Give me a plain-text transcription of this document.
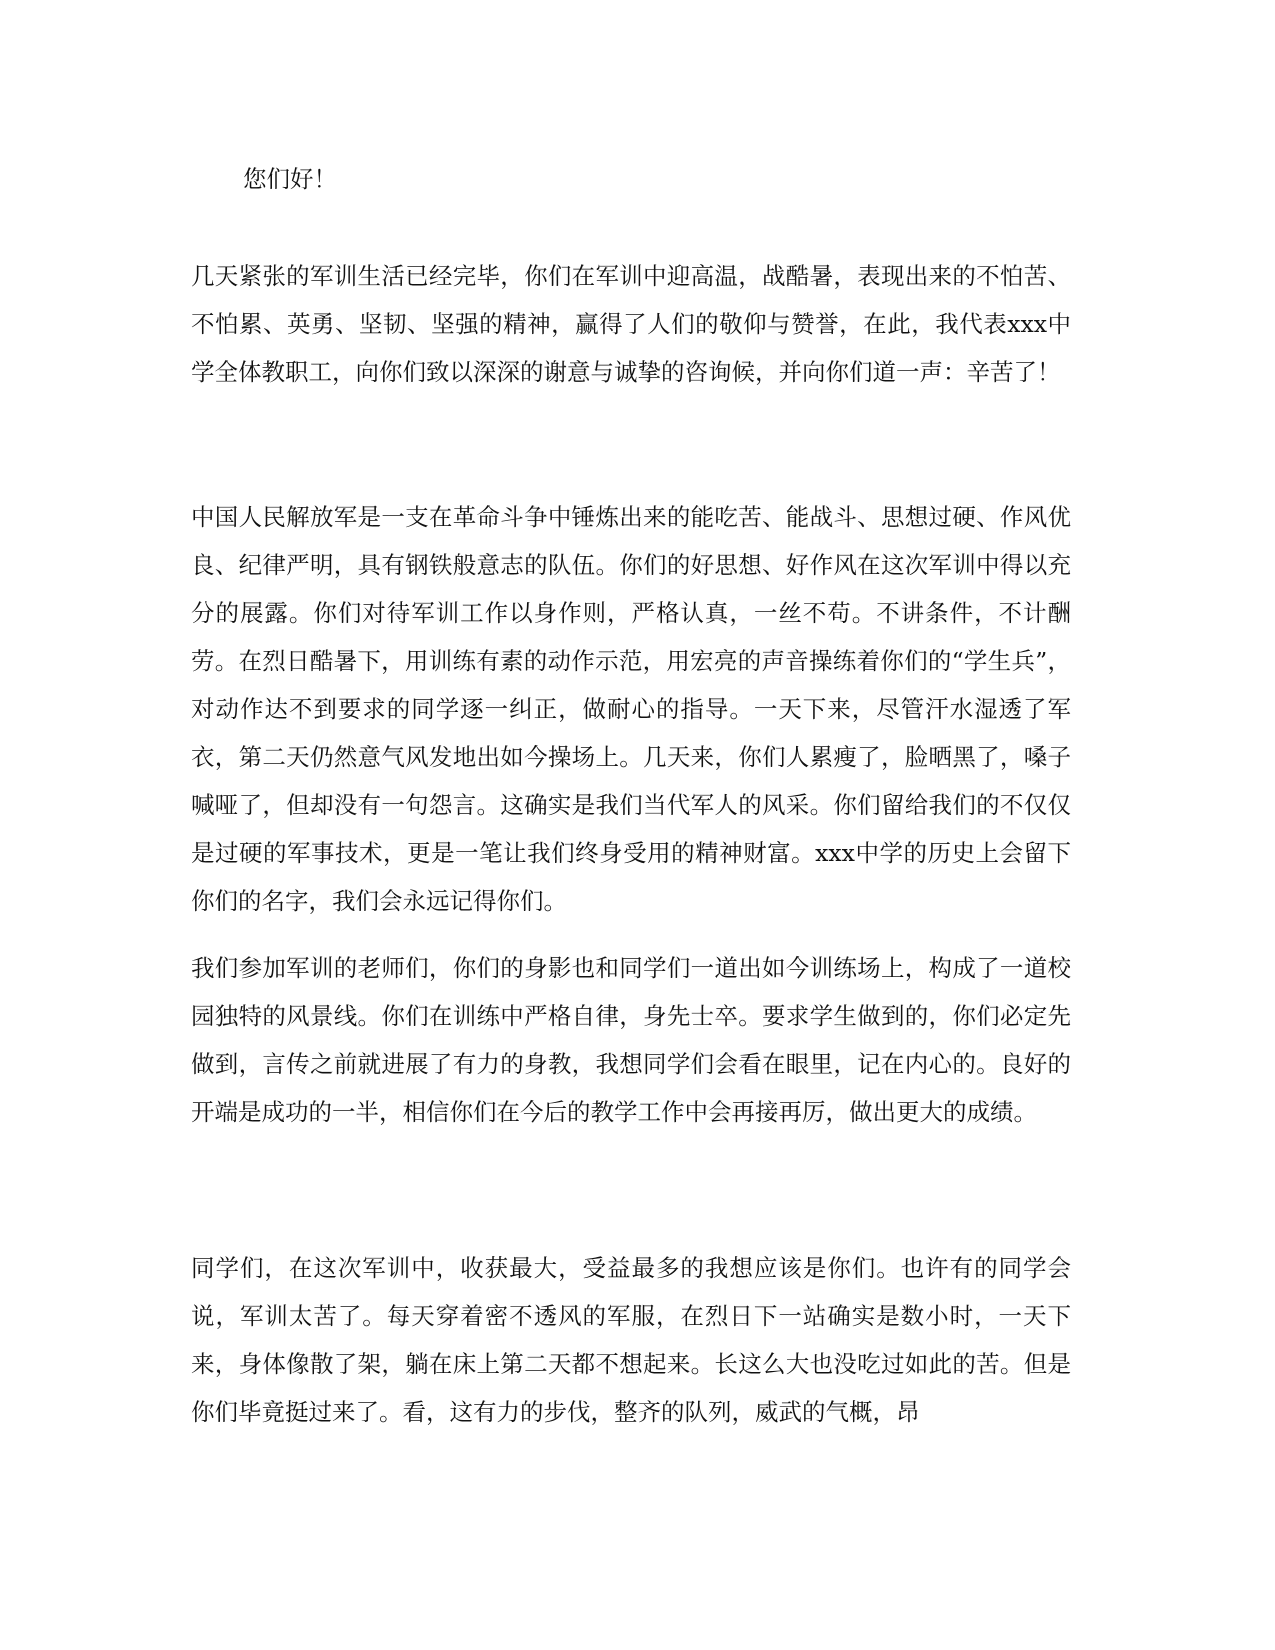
您们好！

几天紧张的军训生活已经完毕，你们在军训中迎高温，战酷暑，表现出来的不怕苦、不怕累、英勇、坚韧、坚强的精神，赢得了人们的敬仰与赞誉，在此，我代表xxx中学全体教职工，向你们致以深深的谢意与诚挚的咨询候，并向你们道一声：辛苦了！

中国人民解放军是一支在革命斗争中锤炼出来的能吃苦、能战斗、思想过硬、作风优良、纪律严明，具有钢铁般意志的队伍。你们的好思想、好作风在这次军训中得以充分的展露。你们对待军训工作以身作则，严格认真，一丝不苟。不讲条件，不计酬劳。在烈日酷暑下，用训练有素的动作示范，用宏亮的声音操练着你们的“学生兵”，对动作达不到要求的同学逐一纠正，做耐心的指导。一天下来，尽管汗水湿透了军衣，第二天仍然意气风发地出如今操场上。几天来，你们人累瘦了，脸晒黑了，嗓子喊哑了，但却没有一句怨言。这确实是我们当代军人的风采。你们留给我们的不仅仅是过硬的军事技术，更是一笔让我们终身受用的精神财富。xxx中学的历史上会留下你们的名字，我们会永远记得你们。

我们参加军训的老师们，你们的身影也和同学们一道出如今训练场上，构成了一道校园独特的风景线。你们在训练中严格自律，身先士卒。要求学生做到的，你们必定先做到，言传之前就进展了有力的身教，我想同学们会看在眼里，记在内心的。良好的开端是成功的一半，相信你们在今后的教学工作中会再接再厉，做出更大的成绩。

同学们，在这次军训中，收获最大，受益最多的我想应该是你们。也许有的同学会说，军训太苦了。每天穿着密不透风的军服，在烈日下一站确实是数小时，一天下来，身体像散了架，躺在床上第二天都不想起来。长这么大也没吃过如此的苦。但是你们毕竟挺过来了。看，这有力的步伐，整齐的队列，威武的气概，昂
